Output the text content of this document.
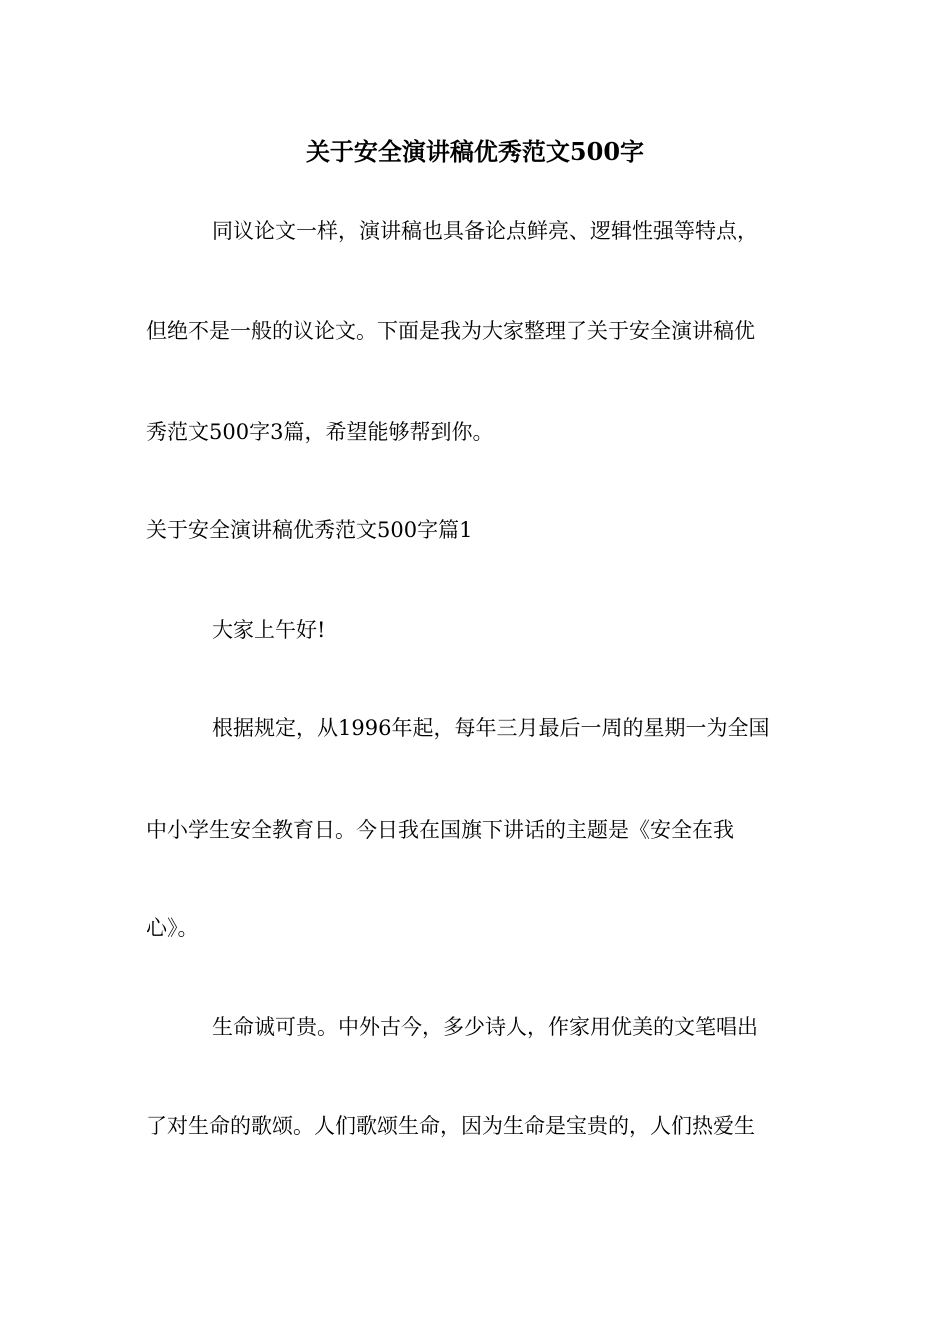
关于安全演讲稿优秀范文500字
同议论文一样，演讲稿也具备论点鲜亮、逻辑性强等特点，
但绝不是一般的议论文。下面是我为大家整理了关于安全演讲稿优
秀范文500字3篇，希望能够帮到你。
关于安全演讲稿优秀范文500字篇1
大家上午好!
根据规定，从1996年起，每年三月最后一周的星期一为全国
中小学生安全教育日。今日我在国旗下讲话的主题是《安全在我
心》。
生命诚可贵。中外古今，多少诗人，作家用优美的文笔唱出
了对生命的歌颂。人们歌颂生命，因为生命是宝贵的，人们热爱生
